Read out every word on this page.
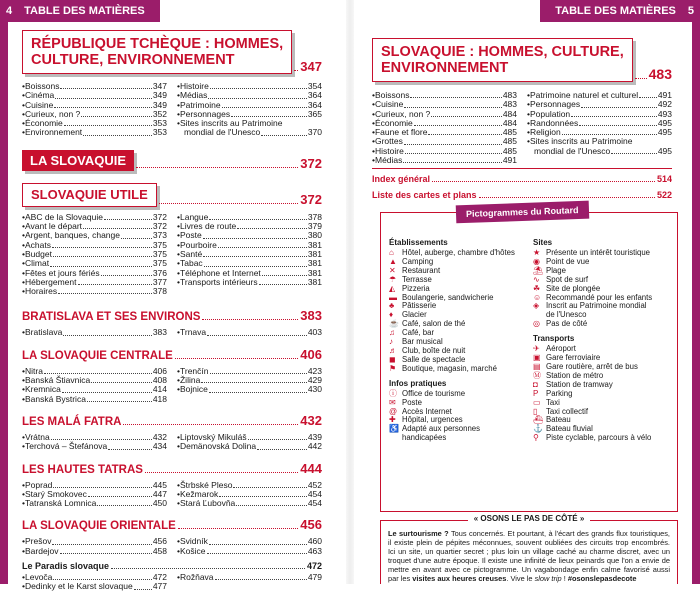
4 TABLE DES MATIÈRES	TABLE DES MATIÈRES 5
RÉPUBLIQUE TCHÈQUE : HOMMES,
CULTURE, ENVIRONNEMENT	347
• Boissons	347
• Cinéma	349
• Cuisine	349
• Curieux, non ?	352
• Économie	353
• Environnement	353
• Histoire	354
• Médias	364
• Patrimoine	364
• Personnages	365
• Sites inscrits au Patrimoine
mondial de l'Unesco	370
LA SLOVAQUIE	372
SLOVAQUIE UTILE	372
• ABC de la Slovaquie	372
• Avant le départ	372
• Argent, banques, change	373
• Achats	375
• Budget	375
• Climat	375
• Fêtes et jours fériés	376
• Hébergement	377
• Horaires	378
• Langue	378
• Livres de route	379
• Poste	380
• Pourboire	381
• Santé	381
• Tabac	381
• Téléphone et Internet	381
• Transports intérieurs	381
BRATISLAVA ET SES ENVIRONS	383
• Bratislava	383 • Trnava	403
LA SLOVAQUIE CENTRALE	406
• Nitra	406
• Banská Štiavnica	408
• Kremnica	414
• Banská Bystrica	418
• Trenčín	423
• Žilina	429
• Bojnice	430
LES MALÁ FATRA	432
• Vrátna	432
• Terchová – Štefánova	434
• Liptovský Mikuláš	439
• Demänovská Dolina	442
LES HAUTES TATRAS	444
• Poprad	445
• Starý Smokovec	447
• Tatranská Lomnica	450
• Štrbské Pleso	452
• Kežmarok	454
• Stará Ľubovňa	454
LA SLOVAQUIE ORIENTALE	456
• Prešov	456
• Bardejov	458
• Svidník	460
• Košice	463
Le Paradis slovaque	472
• Levoča	472
• Dedinky et le Karst slovaque 477
• Rožňava	479
SLOVAQUIE : HOMMES, CULTURE,
ENVIRONNEMENT	483
• Boissons	483
• Cuisine	483
• Curieux, non ?	484
• Économie	484
• Faune et flore	485
• Grottes	485
• Histoire	485
• Médias	491
• Patrimoine naturel et culturel 491
• Personnages	492
• Population	493
• Randonnées	495
• Religion	495
• Sites inscrits au Patrimoine
mondial de l'Unesco	495
Index général	514
Liste des cartes et plans	522
Pictogrammes du Routard
Établissements
⌂	Hôtel, auberge, chambre d'hôtes
▲ Camping
✕ Restaurant
☂ Terrasse
◭ Pizzeria
▬ Boulangerie, sandwicherie
♣ Pâtisserie
♦	Glacier
☕ Café, salon de thé
♫ Café, bar
♪	Bar musical
♬ Club, boîte de nuit
◼ Salle de spectacle
⚑ Boutique, magasin, marché
Infos pratiques
ⓘ Office de tourisme
✉ Poste
@ Accès Internet
✚ Hôpital, urgences
♿ Adapté aux personnes
handicapées
Sites
★ Présente un intérêt touristique
◉ Point de vue
⛱ Plage
∿ Spot de surf
☘ Site de plongée
☺ Recommandé pour les enfants
◈ Inscrit au Patrimoine mondial
de l'Unesco
◎ Pas de côté
Transports
✈ Aéroport
▣ Gare ferroviaire
▤ Gare routière, arrêt de bus
Ⓜ Station de métro
◘	Station de tramway
P Parking
▭ Taxi
▯	Taxi collectif
⛴ Bateau
⚓ Bateau fluvial
⚲ Piste cyclable, parcours à vélo
« OSONS LE PAS DE CÔTÉ »
Le surtourisme ? Tous concernés. Et pourtant, à l'écart des grands flux touristiques, il existe plein de pépites méconnues, souvent oubliées des circuits trop encombrés. Ici un site, un quartier secret ; plus loin un village caché au charme discret, avec un troquet d'une autre époque. Il existe une infinité de lieux peinards que l'on a envie de mettre en avant avec ce pictogramme. Un vagabondage enfin calme favorisé aussi par les visites aux heures creuses. Vive le slow trip ! #osonslepasdecote
